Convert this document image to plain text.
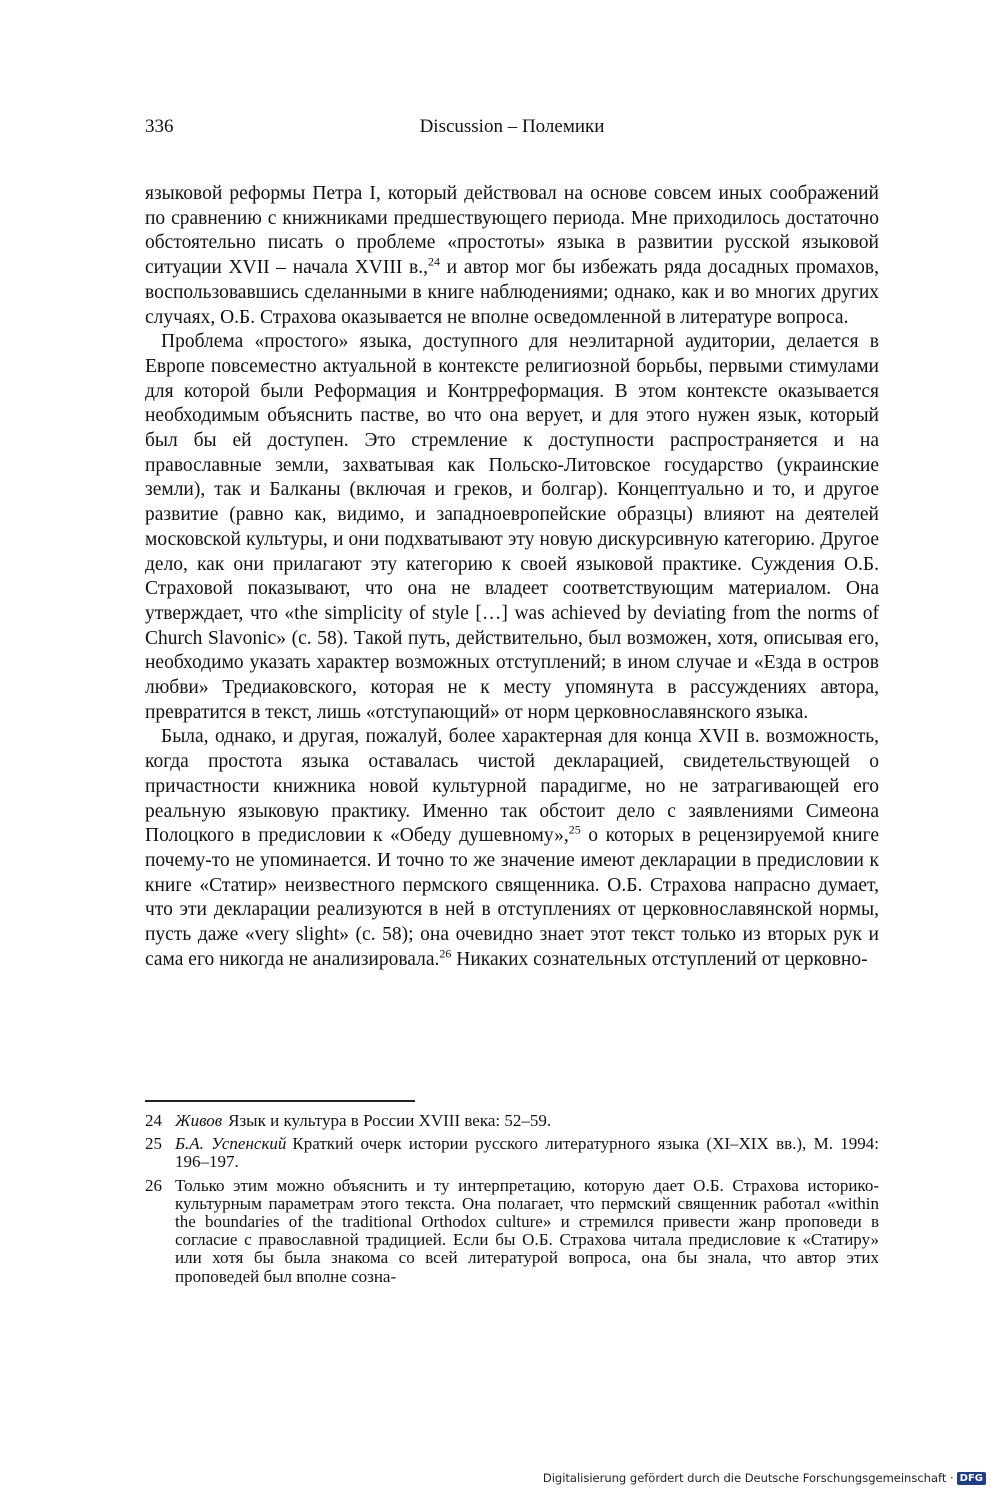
336	Discussion – Полемики

языковой реформы Петра I, который действовал на основе совсем иных соображений по сравнению с книжниками предшествующего периода. Мне приходилось достаточно обстоятельно писать о проблеме «простоты» языка в развитии русской языковой ситуации XVII – начала XVIII в.,$^{24}$ и автор мог бы избежать ряда досадных промахов, воспользовавшись сделанными в книге наблюдениями; однако, как и во многих других случаях, О.Б. Страхова оказывается не вполне осведомленной в литературе вопроса.

Проблема «простого» языка, доступного для неэлитарной аудитории, делается в Европе повсеместно актуальной в контексте религиозной борьбы, первыми стимулами для которой были Реформация и Контрреформация. В этом контексте оказывается необходимым объяснить пастве, во что она верует, и для этого нужен язык, который был бы ей доступен. Это стремление к доступности распространяется и на православные земли, захватывая как Польско-Литовское государство (украинские земли), так и Балканы (включая и греков, и болгар). Концептуально и то, и другое развитие (равно как, видимо, и западноевропейские образцы) влияют на деятелей московской культуры, и они подхватывают эту новую дискурсивную категорию. Другое дело, как они прилагают эту категорию к своей языковой практике. Суждения О.Б. Страховой показывают, что она не владеет соответствующим материалом. Она утверждает, что «the simplicity of style […] was achieved by deviating from the norms of Church Slavonic» (с. 58). Такой путь, действительно, был возможен, хотя, описывая его, необходимо указать характер возможных отступлений; в ином случае и «Езда в остров любви» Тредиаковского, которая не к месту упомянута в рассуждениях автора, превратится в текст, лишь «отступающий» от норм церковнославянского языка.

Была, однако, и другая, пожалуй, более характерная для конца XVII в. возможность, когда простота языка оставалась чистой декларацией, свидетельствующей о причастности книжника новой культурной парадигме, но не затрагивающей его реальную языковую практику. Именно так обстоит дело с заявлениями Симеона Полоцкого в предисловии к «Обеду душевному»,$^{25}$ о которых в рецензируемой книге почему-то не упоминается. И точно то же значение имеют декларации в предисловии к книге «Статир» неизвестного пермского священника. О.Б. Страхова напрасно думает, что эти декларации реализуются в ней в отступлениях от церковнославянской нормы, пусть даже «very slight» (с. 58); она очевидно знает этот текст только из вторых рук и сама его никогда не анализировала.$^{26}$ Никаких сознательных отступлений от церковно-

24 Живов Язык и культура в России XVIII века: 52–59.
25 Б.А. Успенский Краткий очерк истории русского литературного языка (XI–XIX вв.), М. 1994: 196–197.
26 Только этим можно объяснить и ту интерпретацию, которую дает О.Б. Страхова историко-культурным параметрам этого текста. Она полагает, что пермский священник работал «within the boundaries of the traditional Orthodox culture» и стремился привести жанр проповеди в согласие с православной традицией. Если бы О.Б. Страхова читала предисловие к «Статиру» или хотя бы была знакома со всей литературой вопроса, она бы знала, что автор этих проповедей был вполне созна-
Digitalisierung gefördert durch die Deutsche Forschungsgemeinschaft · DFG
